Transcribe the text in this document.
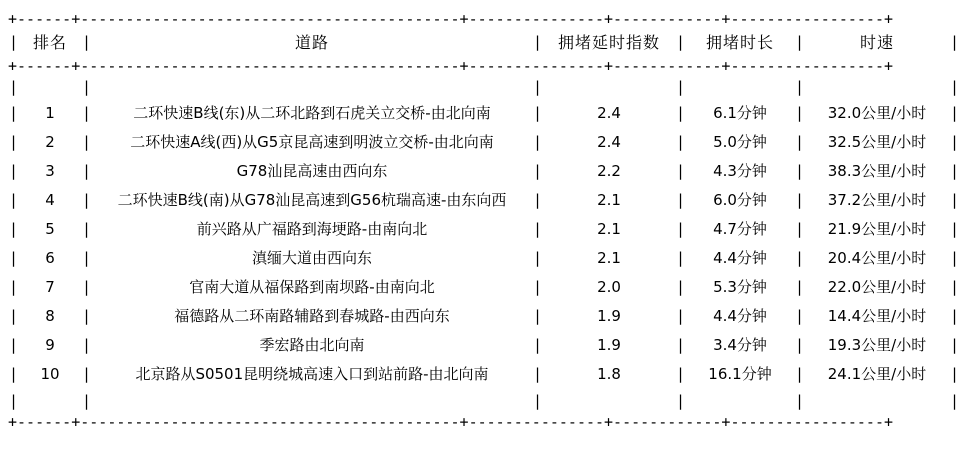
+------+------------------------------------------+---------------+------------+-----------------+										

|	排名	|	道路	|	拥堵延时指数	|	拥堵时长	|	时速	|

+------+------------------------------------------+---------------+------------+-----------------+										

|		|		|		|		|		|
|	1	|	二环快速B线(东)从二环北路到石虎关立交桥-由北向南	|	2.4	|	6.1分钟	|	32.0公里/小时	|
|	2	|	二环快速A线(西)从G5京昆高速到明波立交桥-由北向南	|	2.4	|	5.0分钟	|	32.5公里/小时	|
|	3	|	G78汕昆高速由西向东	|	2.2	|	4.3分钟	|	38.3公里/小时	|
|	4	|	二环快速B线(南)从G78汕昆高速到G56杭瑞高速-由东向西	|	2.1	|	6.0分钟	|	37.2公里/小时	|
|	5	|	前兴路从广福路到海埂路-由南向北	|	2.1	|	4.7分钟	|	21.9公里/小时	|
|	6	|	滇缅大道由西向东	|	2.1	|	4.4分钟	|	20.4公里/小时	|
|	7	|	官南大道从福保路到南坝路-由南向北	|	2.0	|	5.3分钟	|	22.0公里/小时	|
|	8	|	福德路从二环南路辅路到春城路-由西向东	|	1.9	|	4.4分钟	|	14.4公里/小时	|
|	9	|	季宏路由北向南	|	1.9	|	3.4分钟	|	19.3公里/小时	|
|	10	|	北京路从S0501昆明绕城高速入口到站前路-由北向南	|	1.8	|	16.1分钟	|	24.1公里/小时	|
|		|		|		|		|		|

+------+------------------------------------------+---------------+------------+-----------------+										
